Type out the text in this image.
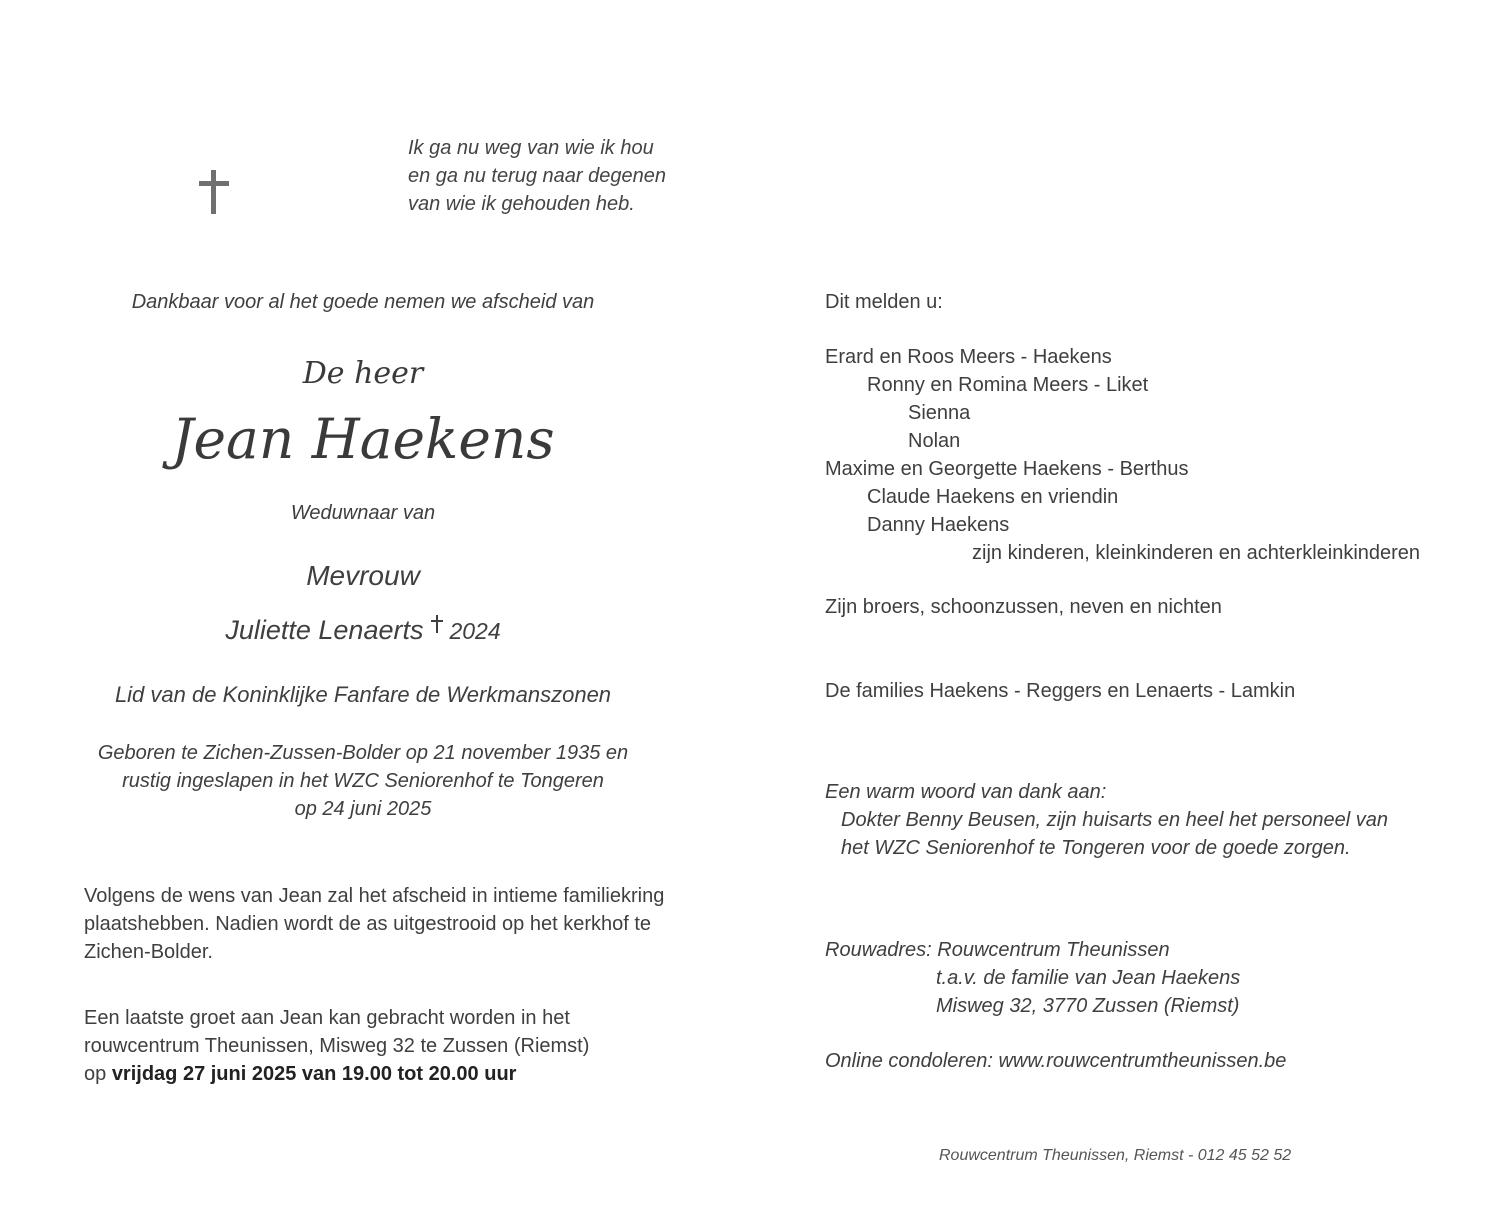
Ik ga nu weg van wie ik hou
en ga nu terug naar degenen
van wie ik gehouden heb.
Dankbaar voor al het goede nemen we afscheid van
De heer
Jean Haekens
Weduwnaar van
Mevrouw
Juliette Lenaerts 2024
Lid van de Koninklijke Fanfare de Werkmanszonen
Geboren te Zichen-Zussen-Bolder op 21 november 1935 en
rustig ingeslapen in het WZC Seniorenhof te Tongeren
op 24 juni 2025
Volgens de wens van Jean zal het afscheid in intieme familiekring
plaatshebben. Nadien wordt de as uitgestrooid op het kerkhof te
Zichen-Bolder.
Een laatste groet aan Jean kan gebracht worden in het
rouwcentrum Theunissen, Misweg 32 te Zussen (Riemst)
op vrijdag 27 juni 2025 van 19.00 tot 20.00 uur
Dit melden u:
Erard en Roos Meers - Haekens
Ronny en Romina Meers - Liket
Sienna
Nolan
Maxime en Georgette Haekens - Berthus
Claude Haekens en vriendin
Danny Haekens
zijn kinderen, kleinkinderen en achterkleinkinderen
Zijn broers, schoonzussen, neven en nichten
De families Haekens - Reggers en Lenaerts - Lamkin
Een warm woord van dank aan:
Dokter Benny Beusen, zijn huisarts en heel het personeel van
het WZC Seniorenhof te Tongeren voor de goede zorgen.
Rouwadres: Rouwcentrum Theunissen
t.a.v. de familie van Jean Haekens
Misweg 32, 3770 Zussen (Riemst)
Online condoleren: www.rouwcentrumtheunissen.be
Rouwcentrum Theunissen, Riemst - 012 45 52 52
